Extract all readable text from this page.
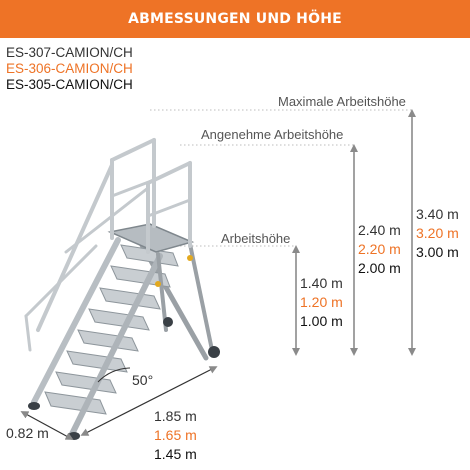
ABMESSUNGEN UND HÖHE
ES-307-CAMION/CH
ES-306-CAMION/CH
ES-305-CAMION/CH
Maximale Arbeitshöhe
Angenehme Arbeitshöhe
Arbeitshöhe
3.40 m
3.20 m
3.00 m
2.40 m
2.20 m
2.00 m
1.40 m
1.20 m
1.00 m
50°
0.82 m
1.85 m
1.65 m
1.45 m
